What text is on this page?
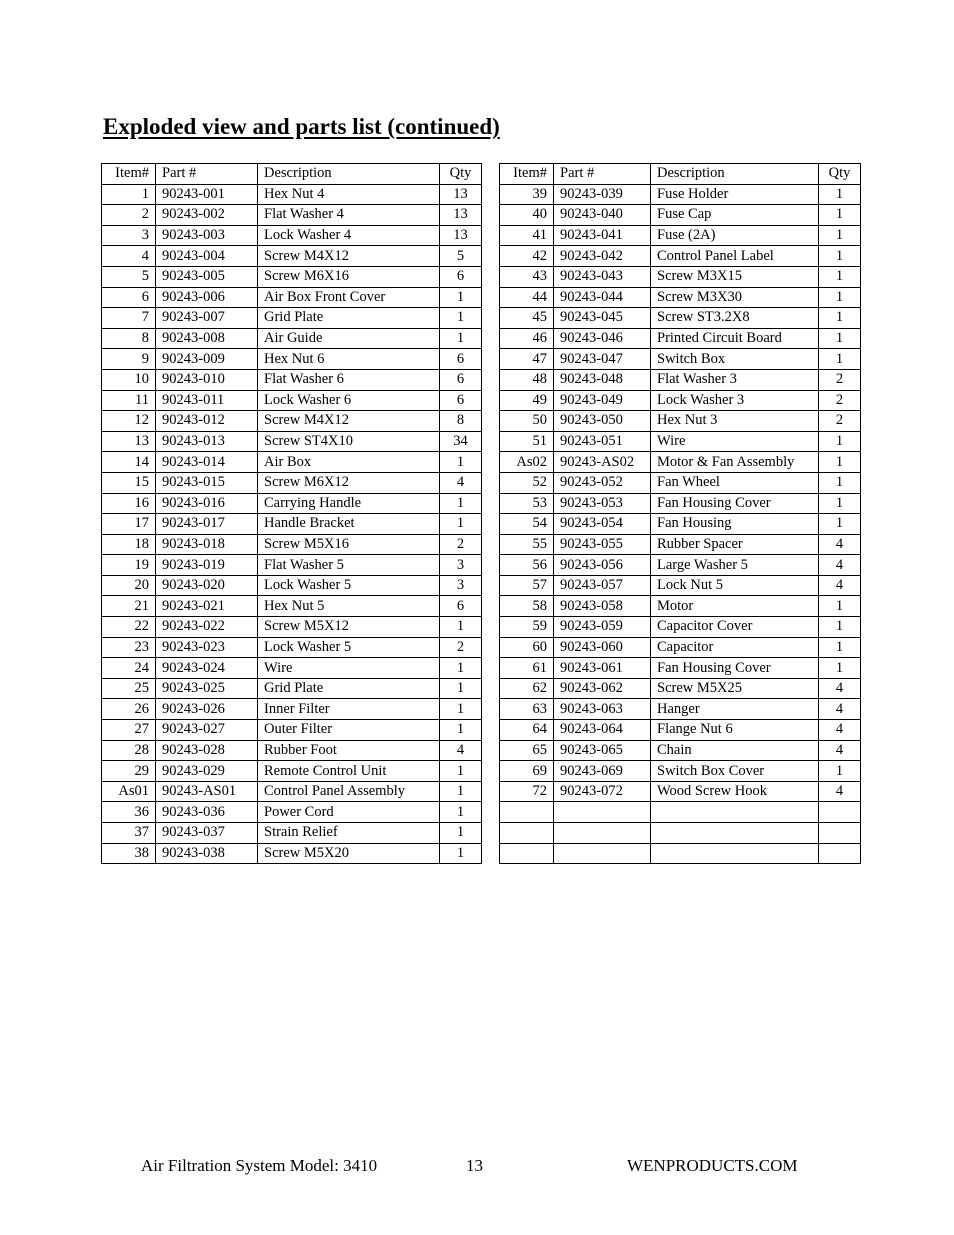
Exploded view and parts list (continued)
Item#	Part #	Description	Qty
1	90243-001	Hex Nut 4	13
2	90243-002	Flat Washer 4	13
3	90243-003	Lock Washer 4	13
4	90243-004	Screw M4X12	5
5	90243-005	Screw M6X16	6
6	90243-006	Air Box Front Cover	1
7	90243-007	Grid Plate	1
8	90243-008	Air Guide	1
9	90243-009	Hex Nut 6	6
10	90243-010	Flat Washer 6	6
11	90243-011	Lock Washer 6	6
12	90243-012	Screw M4X12	8
13	90243-013	Screw ST4X10	34
14	90243-014	Air Box	1
15	90243-015	Screw M6X12	4
16	90243-016	Carrying Handle	1
17	90243-017	Handle Bracket	1
18	90243-018	Screw M5X16	2
19	90243-019	Flat Washer 5	3
20	90243-020	Lock Washer 5	3
21	90243-021	Hex Nut 5	6
22	90243-022	Screw M5X12	1
23	90243-023	Lock Washer 5	2
24	90243-024	Wire	1
25	90243-025	Grid Plate	1
26	90243-026	Inner Filter	1
27	90243-027	Outer Filter	1
28	90243-028	Rubber Foot	4
29	90243-029	Remote Control Unit	1
As01	90243-AS01	Control Panel Assembly	1
36	90243-036	Power Cord	1
37	90243-037	Strain Relief	1
38	90243-038	Screw M5X20	1
Item#	Part #	Description	Qty
39	90243-039	Fuse Holder	1
40	90243-040	Fuse Cap	1
41	90243-041	Fuse (2A)	1
42	90243-042	Control Panel Label	1
43	90243-043	Screw M3X15	1
44	90243-044	Screw M3X30	1
45	90243-045	Screw ST3.2X8	1
46	90243-046	Printed Circuit Board	1
47	90243-047	Switch Box	1
48	90243-048	Flat Washer 3	2
49	90243-049	Lock Washer 3	2
50	90243-050	Hex Nut 3	2
51	90243-051	Wire	1
As02	90243-AS02	Motor & Fan Assembly	1
52	90243-052	Fan Wheel	1
53	90243-053	Fan Housing Cover	1
54	90243-054	Fan Housing	1
55	90243-055	Rubber Spacer	4
56	90243-056	Large Washer 5	4
57	90243-057	Lock Nut 5	4
58	90243-058	Motor	1
59	90243-059	Capacitor Cover	1
60	90243-060	Capacitor	1
61	90243-061	Fan Housing Cover	1
62	90243-062	Screw M5X25	4
63	90243-063	Hanger	4
64	90243-064	Flange Nut 6	4
65	90243-065	Chain	4
69	90243-069	Switch Box Cover	1
72	90243-072	Wood Screw Hook	4

Air Filtration System Model: 3410	13	WENPRODUCTS.COM
